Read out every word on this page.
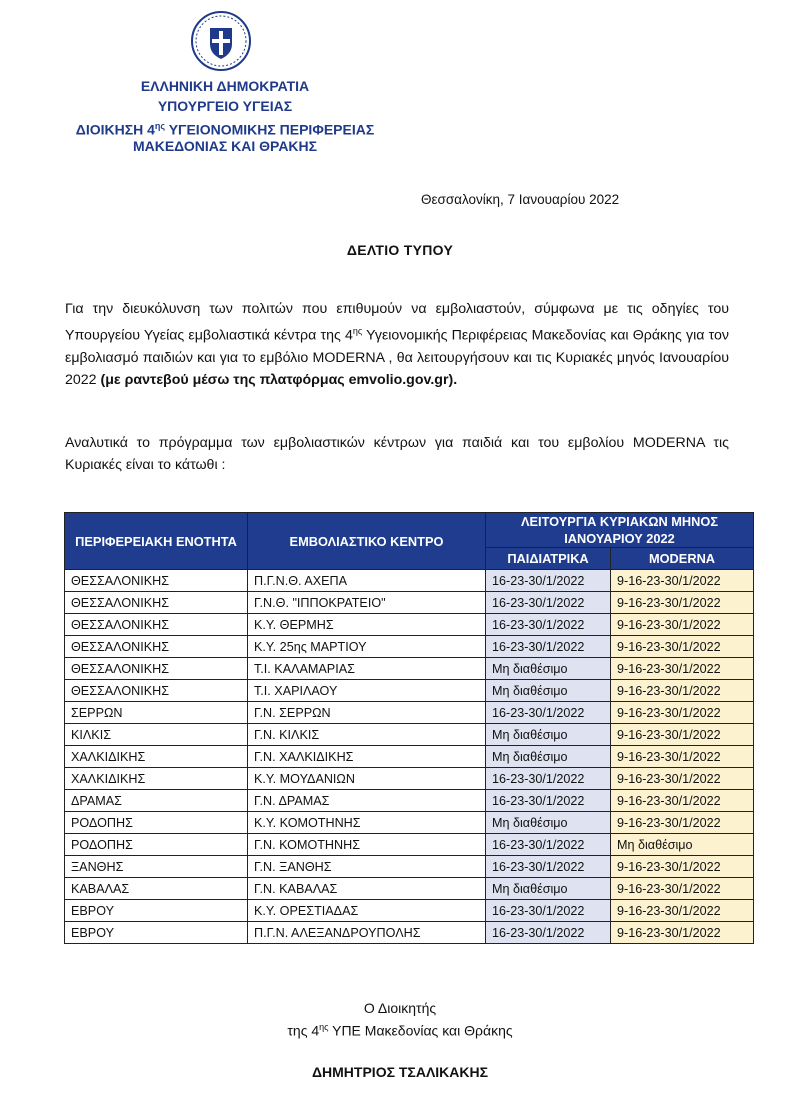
ΕΛΛΗΝΙΚΗ ΔΗΜΟΚΡΑΤΙΑ
ΥΠΟΥΡΓΕΙΟ ΥΓΕΙΑΣ
ΔΙΟΙΚΗΣΗ $4^{\eta\varsigma}$ ΥΓΕΙΟΝΟΜΙΚΗΣ ΠΕΡΙΦΕΡΕΙΑΣ
ΜΑΚΕΔΟΝΙΑΣ ΚΑΙ ΘΡΑΚΗΣ
Θεσσαλονίκη, 7 Ιανουαρίου 2022
ΔΕΛΤΙΟ ΤΥΠΟΥ
Για την διευκόλυνση των πολιτών που επιθυμούν να εμβολιαστούν, σύμφωνα με τις οδηγίες του Υπουργείου Υγείας εμβολιαστικά κέντρα της $4^{\eta\varsigma}$ Υγειονομικής Περιφέρειας Μακεδονίας και Θράκης για τον εμβολιασμό παιδιών και για το εμβόλιο MODERNA , θα λειτουργήσουν και τις Κυριακές μηνός Ιανουαρίου 2022 (με ραντεβού μέσω της πλατφόρμας emvolio.gov.gr).
Αναλυτικά το πρόγραμμα των εμβολιαστικών κέντρων για παιδιά και του εμβολίου MODERNA τις Κυριακές είναι το κάτωθι :
ΠΕΡΙΦΕΡΕΙΑΚΗ ΕΝΟΤΗΤΑ	ΕΜΒΟΛΙΑΣΤΙΚΟ ΚΕΝΤΡΟ	ΛΕΙΤΟΥΡΓΙΑ ΚΥΡΙΑΚΩΝ ΜΗΝΟΣ
ΙΑΝΟΥΑΡΙΟΥ 2022	
		ΠΑΙΔΙΑΤΡΙΚΑ	MODERNA
ΘΕΣΣΑΛΟΝΙΚΗΣ	Π.Γ.Ν.Θ. ΑΧΕΠΑ	16-23-30/1/2022	9-16-23-30/1/2022
ΘΕΣΣΑΛΟΝΙΚΗΣ	Γ.Ν.Θ. "ΙΠΠΟΚΡΑΤΕΙΟ"	16-23-30/1/2022	9-16-23-30/1/2022
ΘΕΣΣΑΛΟΝΙΚΗΣ	Κ.Υ. ΘΕΡΜΗΣ	16-23-30/1/2022	9-16-23-30/1/2022
ΘΕΣΣΑΛΟΝΙΚΗΣ	Κ.Υ. 25ης ΜΑΡΤΙΟΥ	16-23-30/1/2022	9-16-23-30/1/2022
ΘΕΣΣΑΛΟΝΙΚΗΣ	Τ.Ι. ΚΑΛΑΜΑΡΙΑΣ	Μη διαθέσιμο	9-16-23-30/1/2022
ΘΕΣΣΑΛΟΝΙΚΗΣ	Τ.Ι. ΧΑΡΙΛΑΟΥ	Μη διαθέσιμο	9-16-23-30/1/2022
ΣΕΡΡΩΝ	Γ.Ν. ΣΕΡΡΩΝ	16-23-30/1/2022	9-16-23-30/1/2022
ΚΙΛΚΙΣ	Γ.Ν. ΚΙΛΚΙΣ	Μη διαθέσιμο	9-16-23-30/1/2022
ΧΑΛΚΙΔΙΚΗΣ	Γ.Ν. ΧΑΛΚΙΔΙΚΗΣ	Μη διαθέσιμο	9-16-23-30/1/2022
ΧΑΛΚΙΔΙΚΗΣ	Κ.Υ. ΜΟΥΔΑΝΙΩΝ	16-23-30/1/2022	9-16-23-30/1/2022
ΔΡΑΜΑΣ	Γ.Ν. ΔΡΑΜΑΣ	16-23-30/1/2022	9-16-23-30/1/2022
ΡΟΔΟΠΗΣ	Κ.Υ. ΚΟΜΟΤΗΝΗΣ	Μη διαθέσιμο	9-16-23-30/1/2022
ΡΟΔΟΠΗΣ	Γ.Ν. ΚΟΜΟΤΗΝΗΣ	16-23-30/1/2022	Μη διαθέσιμο
ΞΑΝΘΗΣ	Γ.Ν. ΞΑΝΘΗΣ	16-23-30/1/2022	9-16-23-30/1/2022
ΚΑΒΑΛΑΣ	Γ.Ν. ΚΑΒΑΛΑΣ	Μη διαθέσιμο	9-16-23-30/1/2022
ΕΒΡΟΥ	Κ.Υ. ΟΡΕΣΤΙΑΔΑΣ	16-23-30/1/2022	9-16-23-30/1/2022
ΕΒΡΟΥ	Π.Γ.Ν. ΑΛΕΞΑΝΔΡΟΥΠΟΛΗΣ	16-23-30/1/2022	9-16-23-30/1/2022
Ο Διοικητής
της $4^{\eta\varsigma}$ ΥΠΕ Μακεδονίας και Θράκης
ΔΗΜΗΤΡΙΟΣ ΤΣΑΛΙΚΑΚΗΣ
